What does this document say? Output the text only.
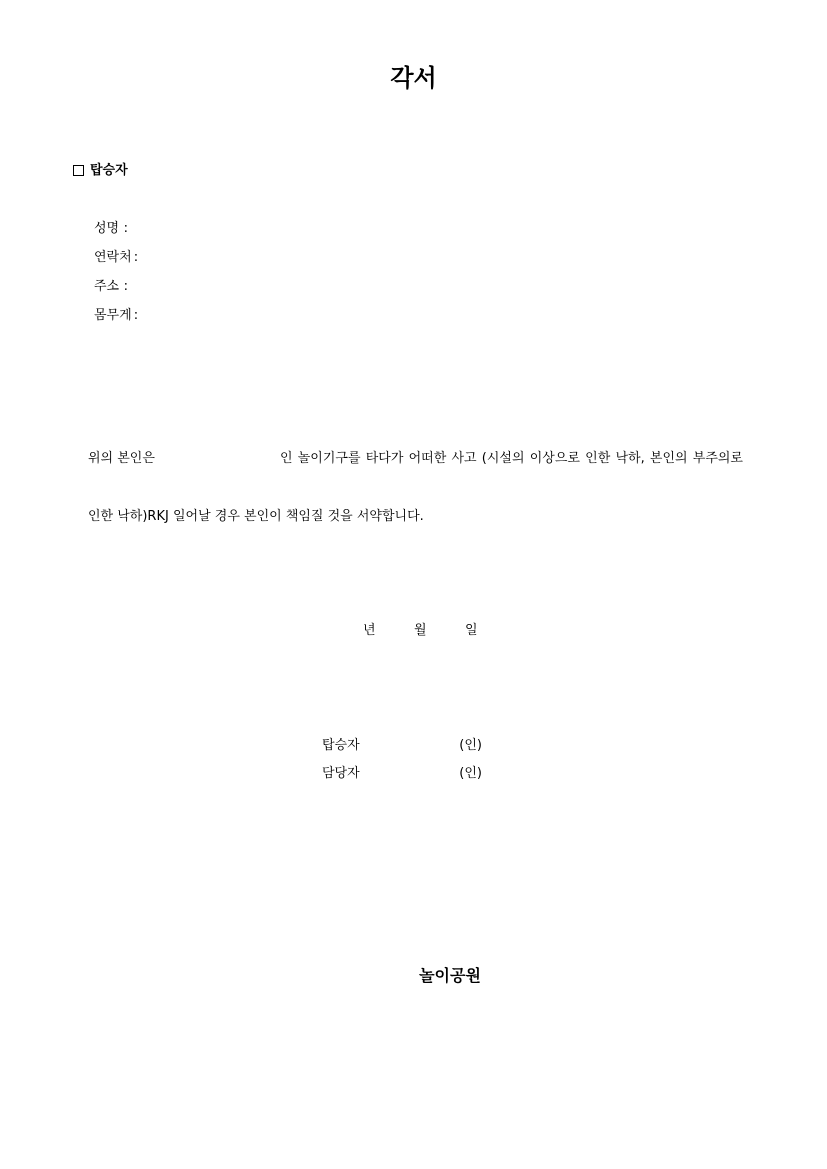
각서
탑승자
성명 :
연락처 :
주소 :
몸무게 :
위의 본인은	인 놀이기구를 타다가 어떠한 사고 (시설의 이상으로 인한 낙하, 본인의 부주의로
인한 낙하)RKJ 일어날 경우 본인이 책임질 것을 서약합니다.
년	월	일
탑승자	(인)
담당자	(인)
놀이공원
